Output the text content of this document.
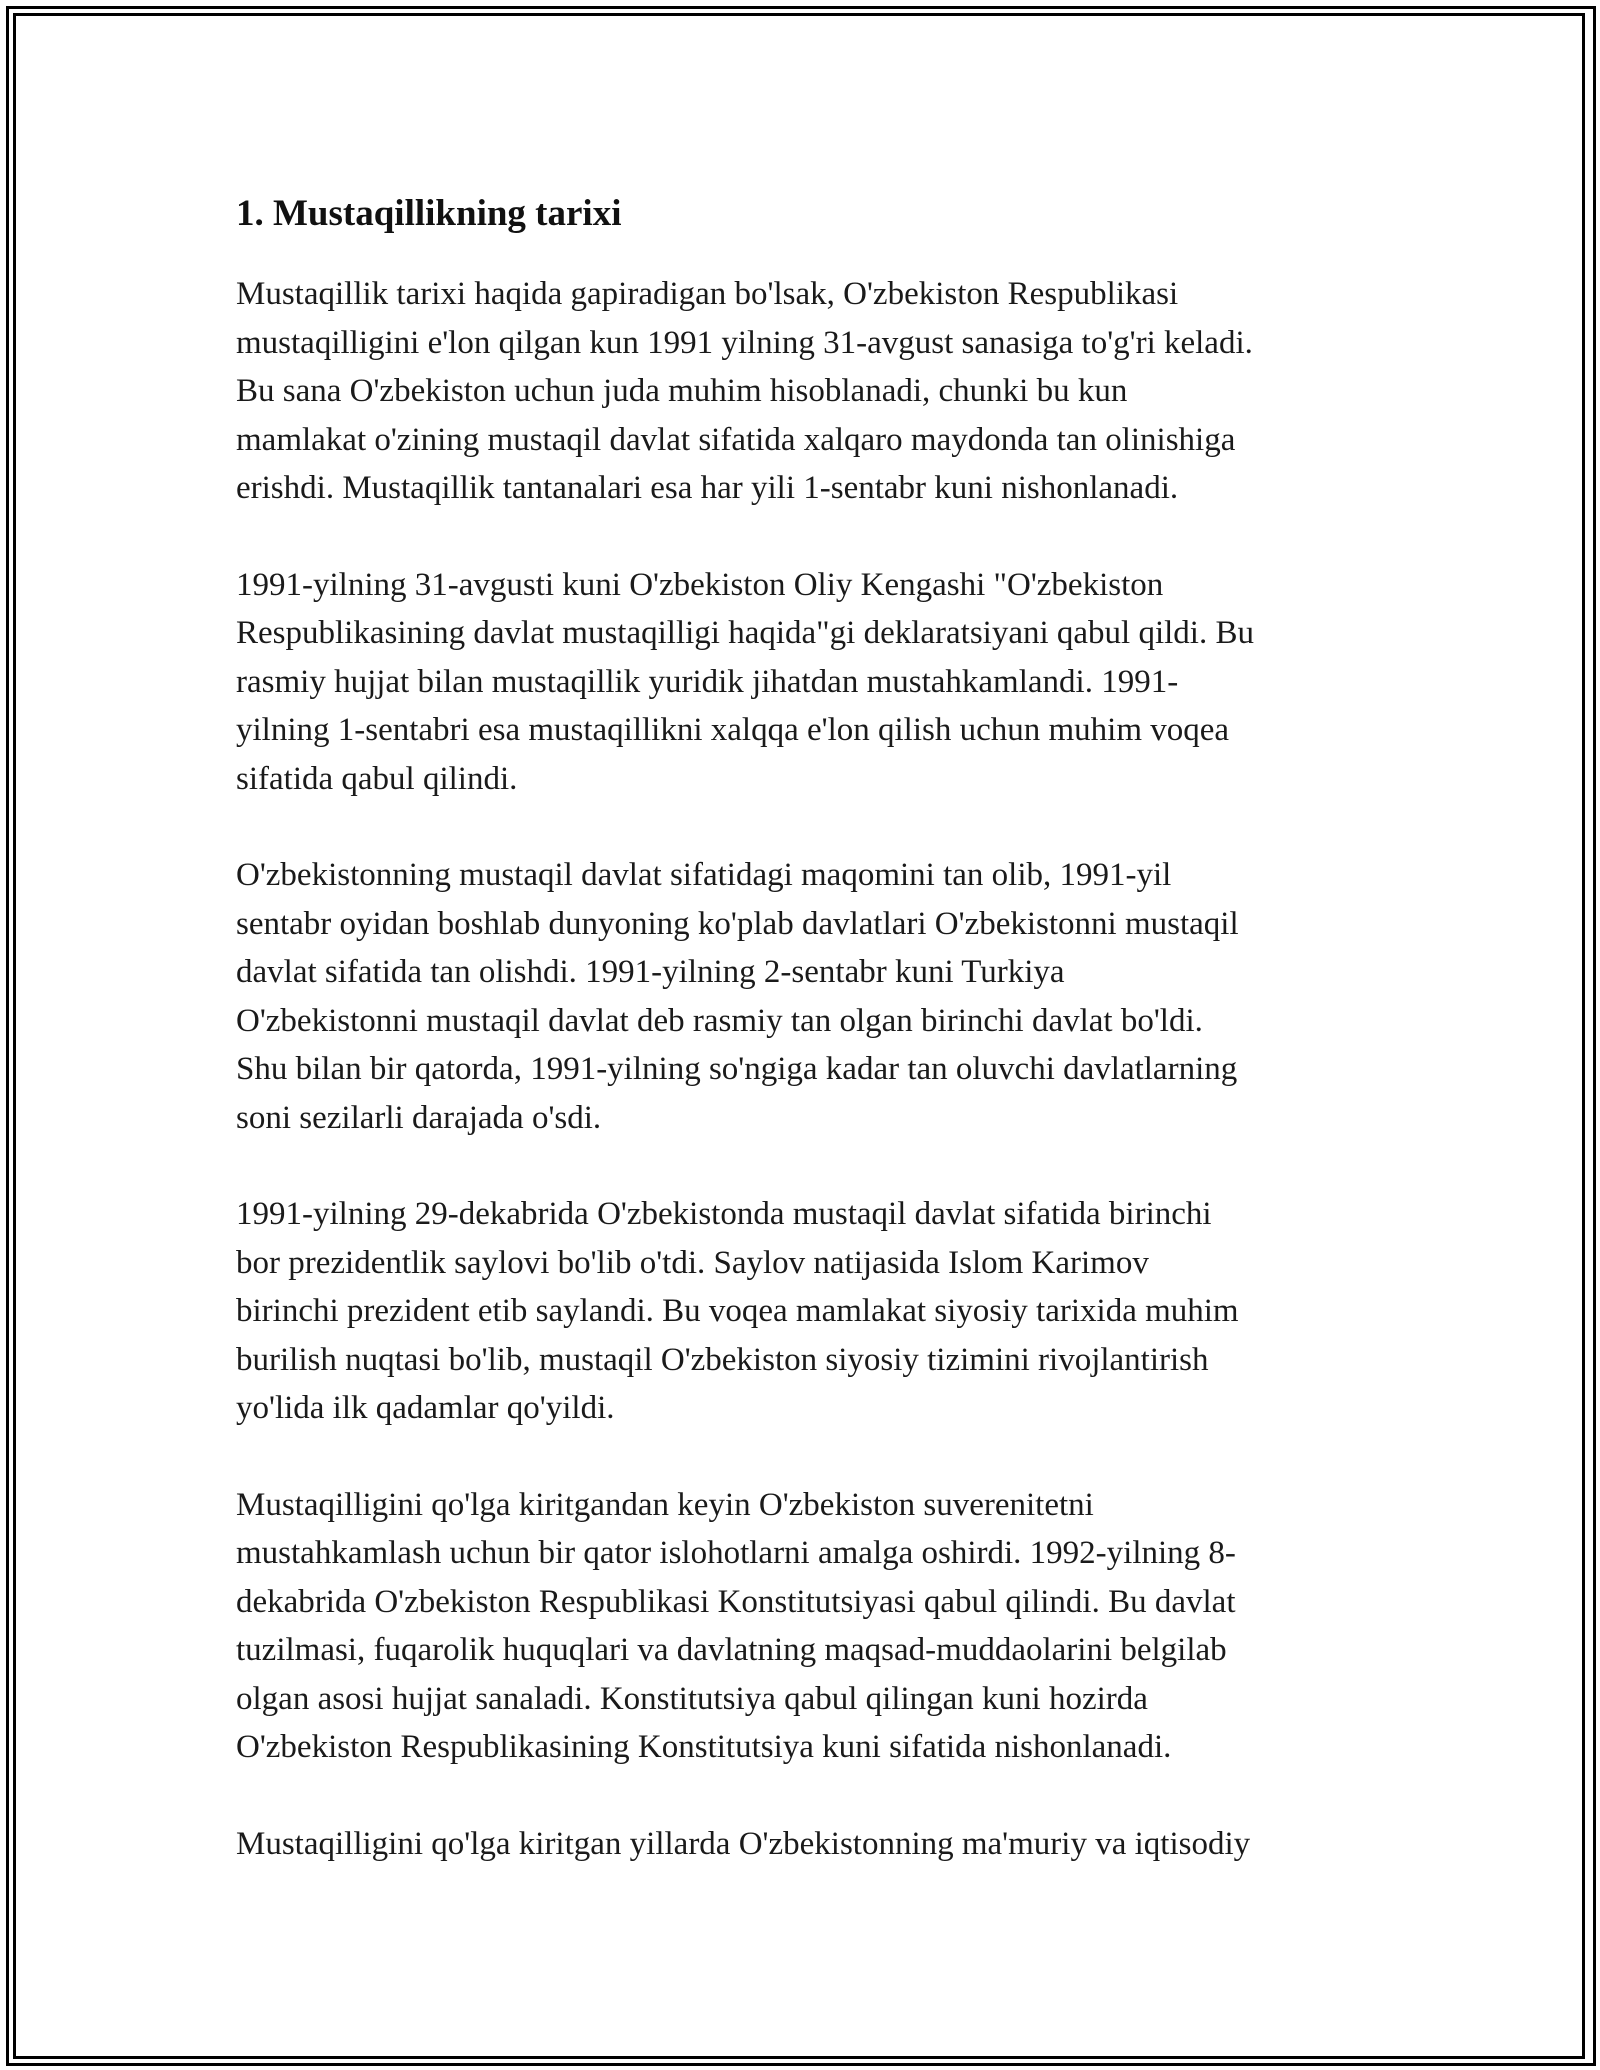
1. Mustaqillikning tarixi

Mustaqillik tarixi haqida gapiradigan bo'lsak, O'zbekiston Respublikasi
mustaqilligini e'lon qilgan kun 1991 yilning 31-avgust sanasiga to'g'ri keladi.
Bu sana O'zbekiston uchun juda muhim hisoblanadi, chunki bu kun
mamlakat o'zining mustaqil davlat sifatida xalqaro maydonda tan olinishiga
erishdi. Mustaqillik tantanalari esa har yili 1-sentabr kuni nishonlanadi.

1991-yilning 31-avgusti kuni O'zbekiston Oliy Kengashi "O'zbekiston
Respublikasining davlat mustaqilligi haqida"gi deklaratsiyani qabul qildi. Bu
rasmiy hujjat bilan mustaqillik yuridik jihatdan mustahkamlandi. 1991-
yilning 1-sentabri esa mustaqillikni xalqqa e'lon qilish uchun muhim voqea
sifatida qabul qilindi.

O'zbekistonning mustaqil davlat sifatidagi maqomini tan olib, 1991-yil
sentabr oyidan boshlab dunyoning ko'plab davlatlari O'zbekistonni mustaqil
davlat sifatida tan olishdi. 1991-yilning 2-sentabr kuni Turkiya
O'zbekistonni mustaqil davlat deb rasmiy tan olgan birinchi davlat bo'ldi.
Shu bilan bir qatorda, 1991-yilning so'ngiga kadar tan oluvchi davlatlarning
soni sezilarli darajada o'sdi.

1991-yilning 29-dekabrida O'zbekistonda mustaqil davlat sifatida birinchi
bor prezidentlik saylovi bo'lib o'tdi. Saylov natijasida Islom Karimov
birinchi prezident etib saylandi. Bu voqea mamlakat siyosiy tarixida muhim
burilish nuqtasi bo'lib, mustaqil O'zbekiston siyosiy tizimini rivojlantirish
yo'lida ilk qadamlar qo'yildi.

Mustaqilligini qo'lga kiritgandan keyin O'zbekiston suverenitetni
mustahkamlash uchun bir qator islohotlarni amalga oshirdi. 1992-yilning 8-
dekabrida O'zbekiston Respublikasi Konstitutsiyasi qabul qilindi. Bu davlat
tuzilmasi, fuqarolik huquqlari va davlatning maqsad-muddaolarini belgilab
olgan asosi hujjat sanaladi. Konstitutsiya qabul qilingan kuni hozirda
O'zbekiston Respublikasining Konstitutsiya kuni sifatida nishonlanadi.

Mustaqilligini qo'lga kiritgan yillarda O'zbekistonning ma'muriy va iqtisodiy
